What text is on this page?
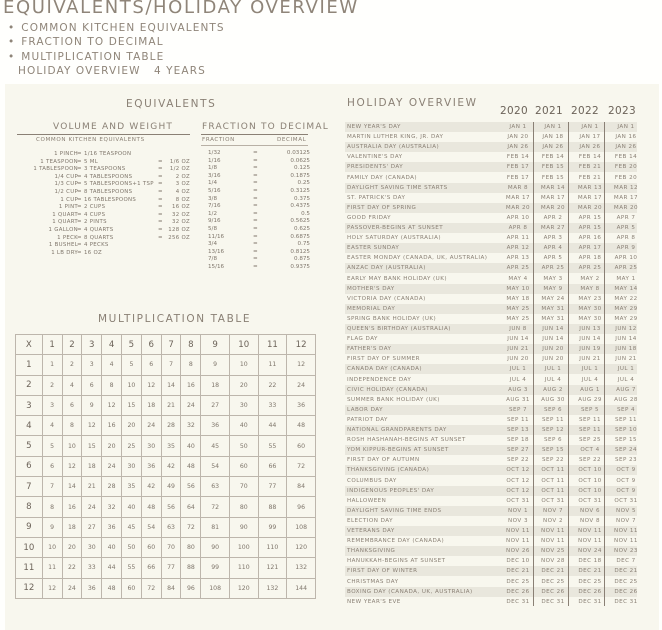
EQUIVALENTS/HOLIDAY OVERVIEW
• COMMON KITCHEN EQUIVALENTS
• FRACTION TO DECIMAL
• MULTIPLICATION TABLE
HOLIDAY OVERVIEW   4 YEARS
EQUIVALENTS
VOLUME AND WEIGHT
COMMON KITCHEN EQUIVALENTS
1 PINCH = 1/16 TEASPOON
1 TEASPOON = 5 ML	= 1/6 OZ
1 TABLESPOON = 3 TEASPOONS	= 1/2 OZ
1/4 CUP = 4 TABLESPOONS	= 2 OZ
1/3 CUP = 5 TABLESPOONS+1 TSP = 3 OZ
1/2 CUP = 8 TABLESPOONS	= 4 OZ
1 CUP = 16 TABLESPOONS	= 8 OZ
1 PINT = 2 CUPS	= 16 OZ
1 QUART = 4 CUPS	= 32 OZ
1 QUART = 2 PINTS	= 32 OZ
1 GALLON = 4 QUARTS	= 128 OZ
1 PECK = 8 QUARTS	= 256 OZ
1 BUSHEL = 4 PECKS
1 LB DRY = 16 OZ
FRACTION TO DECIMAL
FRACTION	DECIMAL
1/32	=	0.03125
1/16	=	0.0625
1/8	=	0.125
3/16	=	0.1875
1/4	=	0.25
5/16	=	0.3125
3/8	=	0.375
7/16	=	0.4375
1/2	=	0.5
9/16	=	0.5625
5/8	=	0.625
11/16	=	0.6875
3/4	=	0.75
13/16	=	0.8125
7/8	=	0.875
15/16	=	0.9375
MULTIPLICATION TABLE
X	1	2	3	4	5	6	7	8	9	10	11	12
1	1	2	3	4	5	6	7	8	9	10	11	12
2	2	4	6	8	10	12	14	16	18	20	22	24
3	3	6	9	12	15	18	21	24	27	30	33	36
4	4	8	12	16	20	24	28	32	36	40	44	48
5	5	10	15	20	25	30	35	40	45	50	55	60
6	6	12	18	24	30	36	42	48	54	60	66	72
7	7	14	21	28	35	42	49	56	63	70	77	84
8	8	16	24	32	40	48	56	64	72	80	88	96
9	9	18	27	36	45	54	63	72	81	90	99	108
10	10	20	30	40	50	60	70	80	90	100	110	120
11	11	22	33	44	55	66	77	88	99	110	121	132
12	12	24	36	48	60	72	84	96	108	120	132	144
HOLIDAY OVERVIEW
2020 2021 2022 2023
NEW YEAR'S DAY	JAN 1	JAN 1	JAN 1	JAN 1
MARTIN LUTHER KING, JR. DAY	JAN 20	JAN 18	JAN 17	JAN 16
AUSTRALIA DAY (AUSTRALIA)	JAN 26	JAN 26	JAN 26	JAN 26
VALENTINE'S DAY	FEB 14	FEB 14	FEB 14	FEB 14
PRESIDENTS' DAY	FEB 17	FEB 15	FEB 21	FEB 20
FAMILY DAY (CANADA)	FEB 17	FEB 15	FEB 21	FEB 20
DAYLIGHT SAVING TIME STARTS	MAR 8	MAR 14	MAR 13	MAR 12
ST. PATRICK'S DAY	MAR 17	MAR 17	MAR 17	MAR 17
FIRST DAY OF SPRING	MAR 20	MAR 20	MAR 20	MAR 20
GOOD FRIDAY	APR 10	APR 2	APR 15	APR 7
PASSOVER-BEGINS AT SUNSET	APR 8	MAR 27	APR 15	APR 5
HOLY SATURDAY (AUSTRALIA)	APR 11	APR 3	APR 16	APR 8
EASTER SUNDAY	APR 12	APR 4	APR 17	APR 9
EASTER MONDAY (CANADA, UK, AUSTRALIA)	APR 13	APR 5	APR 18	APR 10
ANZAC DAY (AUSTRALIA)	APR 25	APR 25	APR 25	APR 25
EARLY MAY BANK HOLIDAY (UK)	MAY 4	MAY 3	MAY 2	MAY 1
MOTHER'S DAY	MAY 10	MAY 9	MAY 8	MAY 14
VICTORIA DAY (CANADA)	MAY 18	MAY 24	MAY 23	MAY 22
MEMORIAL DAY	MAY 25	MAY 31	MAY 30	MAY 29
SPRING BANK HOLIDAY (UK)	MAY 25	MAY 31	MAY 30	MAY 29
QUEEN'S BIRTHDAY (AUSTRALIA)	JUN 8	JUN 14	JUN 13	JUN 12
FLAG DAY	JUN 14	JUN 14	JUN 14	JUN 14
FATHER'S DAY	JUN 21	JUN 20	JUN 19	JUN 18
FIRST DAY OF SUMMER	JUN 20	JUN 20	JUN 21	JUN 21
CANADA DAY (CANADA)	JUL 1	JUL 1	JUL 1	JUL 1
INDEPENDENCE DAY	JUL 4	JUL 4	JUL 4	JUL 4
CIVIC HOLIDAY (CANADA)	AUG 3	AUG 2	AUG 1	AUG 7
SUMMER BANK HOLIDAY (UK)	AUG 31	AUG 30	AUG 29	AUG 28
LABOR DAY	SEP 7	SEP 6	SEP 5	SEP 4
PATRIOT DAY	SEP 11	SEP 11	SEP 11	SEP 11
NATIONAL GRANDPARENTS DAY	SEP 13	SEP 12	SEP 11	SEP 10
ROSH HASHANAH-BEGINS AT SUNSET	SEP 18	SEP 6	SEP 25	SEP 15
YOM KIPPUR-BEGINS AT SUNSET	SEP 27	SEP 15	OCT 4	SEP 24
FIRST DAY OF AUTUMN	SEP 22	SEP 22	SEP 22	SEP 23
THANKSGIVING (CANADA)	OCT 12	OCT 11	OCT 10	OCT 9
COLUMBUS DAY	OCT 12	OCT 11	OCT 10	OCT 9
INDIGENOUS PEOPLES' DAY	OCT 12	OCT 11	OCT 10	OCT 9
HALLOWEEN	OCT 31	OCT 31	OCT 31	OCT 31
DAYLIGHT SAVING TIME ENDS	NOV 1	NOV 7	NOV 6	NOV 5
ELECTION DAY	NOV 3	NOV 2	NOV 8	NOV 7
VETERANS DAY	NOV 11	NOV 11	NOV 11	NOV 11
REMEMBRANCE DAY (CANADA)	NOV 11	NOV 11	NOV 11	NOV 11
THANKSGIVING	NOV 26	NOV 25	NOV 24	NOV 23
HANUKKAH-BEGINS AT SUNSET	DEC 10	NOV 28	DEC 18	DEC 7
FIRST DAY OF WINTER	DEC 21	DEC 21	DEC 21	DEC 21
CHRISTMAS DAY	DEC 25	DEC 25	DEC 25	DEC 25
BOXING DAY (CANADA, UK, AUSTRALIA)	DEC 26	DEC 26	DEC 26	DEC 26
NEW YEAR'S EVE	DEC 31	DEC 31	DEC 31	DEC 31
